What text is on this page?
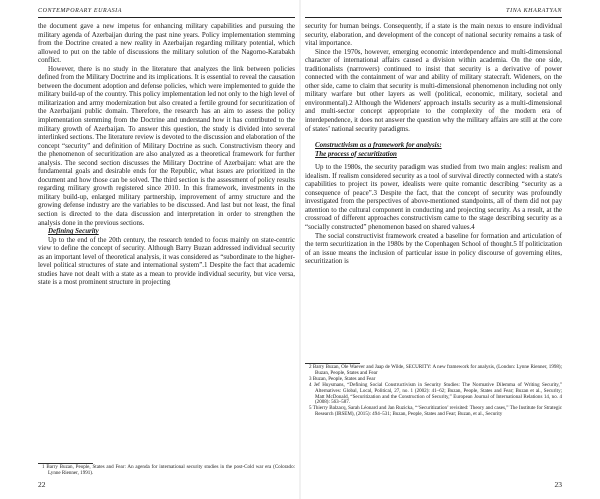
CONTEMPORARY EURASIA

the document gave a new impetus for enhancing military capabilities and pursuing the military agenda of Azerbaijan during the past nine years. Policy implementation stemming from the Doctrine created a new reality in Azerbaijan regarding military potential, which allowed to put on the table of discussions the military solution of the Nagorno-Karabakh conflict.

However, there is no study in the literature that analyzes the link between policies defined from the Military Doctrine and its implications. It is essential to reveal the causation between the document adoption and defense policies, which were implemented to guide the military build-up of the country. This policy implementation led not only to the high level of militarization and army modernization but also created a fertile ground for securitization of the Azerbaijani public domain. Therefore, the research has an aim to assess the policy implementation stemming from the Doctrine and understand how it has contributed to the military growth of Azerbaijan. To answer this question, the study is divided into several interlinked sections. The literature review is devoted to the discussion and elaboration of the concept “security” and definition of Military Doctrine as such. Constructivism theory and the phenomenon of securitization are also analyzed as a theoretical framework for further analysis. The second section discusses the Military Doctrine of Azerbaijan: what are the fundamental goals and desirable ends for the Republic, what issues are prioritized in the document and how those can be solved. The third section is the assessment of policy results regarding military growth registered since 2010. In this framework, investments in the military build-up, enlarged military partnership, improvement of army structure and the growing defense industry are the variables to be discussed. And last but not least, the final section is directed to the data discussion and interpretation in order to strengthen the analysis done in the previous sections.

Defining Security

Up to the end of the 20th century, the research tended to focus mainly on state-centric view to define the concept of security. Although Barry Buzan addressed individual security as an important level of theoretical analysis, it was considered as “subordinate to the higher-level political structures of state and international system”.1 Despite the fact that academic studies have not dealt with a state as a mean to provide individual security, but vice versa, state is a most prominent structure in projecting

1 Barry Buzan, People, States and Fear: An agenda for international security studies in the post-Cold war era (Colorado: Lynne Rienner, 1991).

22
TINA KHARATYAN

security for human beings. Consequently, if a state is the main nexus to ensure individual security, elaboration, and development of the concept of national security remains a task of vital importance.

Since the 1970s, however, emerging economic interdependence and multi-dimensional character of international affairs caused a division within academia. On the one side, traditionalists (narrowers) continued to insist that security is a derivative of power connected with the containment of war and ability of military statecraft. Wideners, on the other side, came to claim that security is multi-dimensional phenomenon including not only military warfare but other layers as well (political, economic, military, societal and environmental).2 Although the Wideners' approach installs security as a multi-dimensional and multi-sector concept appropriate to the complexity of the modern era of interdependence, it does not answer the question why the military affairs are still at the core of states’ national security paradigms.

Constructivism as a framework for analysis:
The process of securitization

Up to the 1980s, the security paradigm was studied from two main angles: realism and idealism. If realism considered security as a tool of survival directly connected with a state's capabilities to project its power, idealists were quite romantic describing “security as a consequence of peace”.3 Despite the fact, that the concept of security was profoundly investigated from the perspectives of above-mentioned standpoints, all of them did not pay attention to the cultural component in conducting and projecting security. As a result, at the crossroad of different approaches constructivism came to the stage describing security as a “socially constructed” phenomenon based on shared values.4

The social constructivist framework created a baseline for formation and articulation of the term securitization in the 1980s by the Copenhagen School of thought.5 If politicization of an issue means the inclusion of particular issue in policy discourse of governing elites, securitization is

2 Barry Buzan, Ole Waever and Jaap de Wilde, SECURITY: A new framework for analysis, (London: Lynne Rienner, 1998); Buzan, People, States and Fear

3 Buzan, People, States and Fear

4 Jef Huysmans, “Defining Social Constructivism in Security Studies: The Normative Dilemma of Writing Security,” Alternatives: Global, Local, Political, 27, no. 1 (2002): 41–62; Buzan, People, States and Fear; Buzan et al., Security; Matt McDonald, “Securitization and the Construction of Security,” European Journal of International Relations 14, no. 4 (2008): 563–587.

5 Thierry Balzacq, Sarah Léonard and Jan Ruzicka, “‘Securitization’ revisited: Theory and cases,” The Institute for Strategic Research (IRSEM), (2015): 494–531; Buzan, People, States and Fear; Buzan, et al., Security

23
